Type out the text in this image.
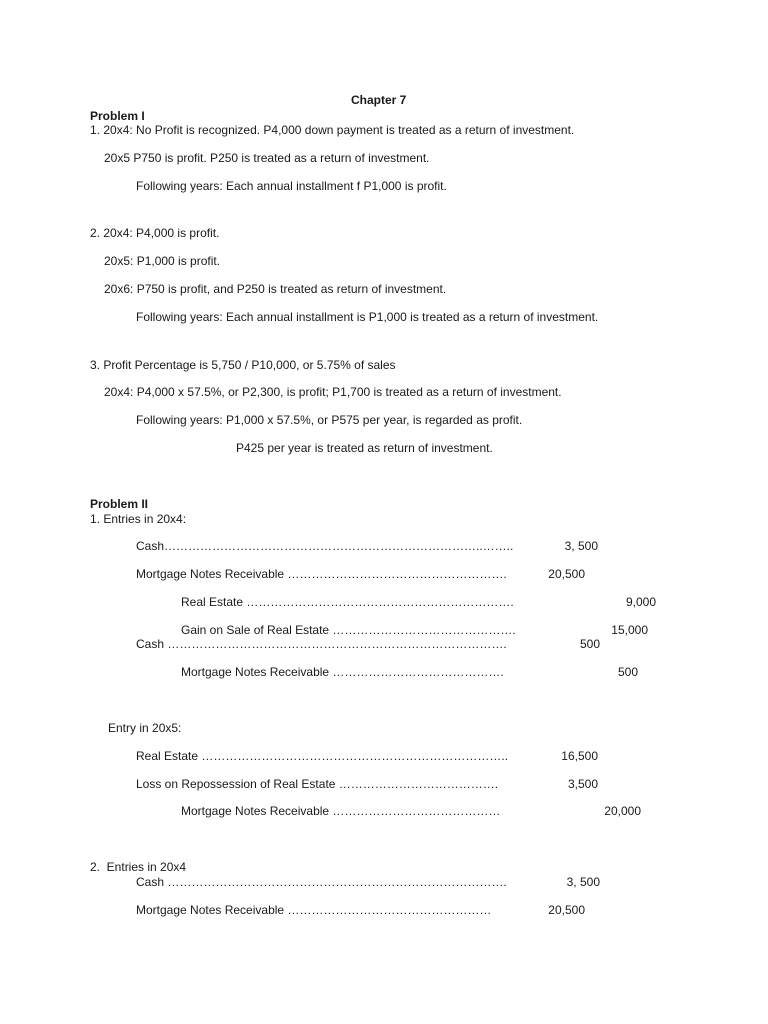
Chapter 7
Problem I
1. 20x4: No Profit is recognized. P4,000 down payment is treated as a return of investment.
20x5 P750 is profit. P250 is treated as a return of investment.
Following years: Each annual installment f P1,000 is profit.
2. 20x4: P4,000 is profit.
20x5: P1,000 is profit.
20x6: P750 is profit, and P250 is treated as return of investment.
Following years: Each annual installment is P1,000 is treated as a return of investment.
3. Profit Percentage is 5,750 / P10,000, or 5.75% of sales
20x4: P4,000 x 57.5%, or P2,300, is profit; P1,700 is treated as a return of investment.
Following years: P1,000 x 57.5%, or P575 per year, is regarded as profit.
P425 per year is treated as return of investment.
Problem II
1. Entries in 20x4:
Cash……………………………………………………………………..……..	3, 500
Mortgage Notes Receivable ……………………………………………….	20,500
Real Estate ………………………………………………………….	9,000
Gain on Sale of Real Estate ……………………………………….	15,000
Cash ………………………………………………………………………….	500
Mortgage Notes Receivable …………………………………….	500
Entry in 20x5:
Real Estate …………………………………………………………………..	16,500
Loss on Repossession of Real Estate ………………………………….	3,500
Mortgage Notes Receivable ……………………………………	20,000
2.  Entries in 20x4
Cash ………………………………………………………………………….	3, 500
Mortgage Notes Receivable ……………………………………………	20,500
